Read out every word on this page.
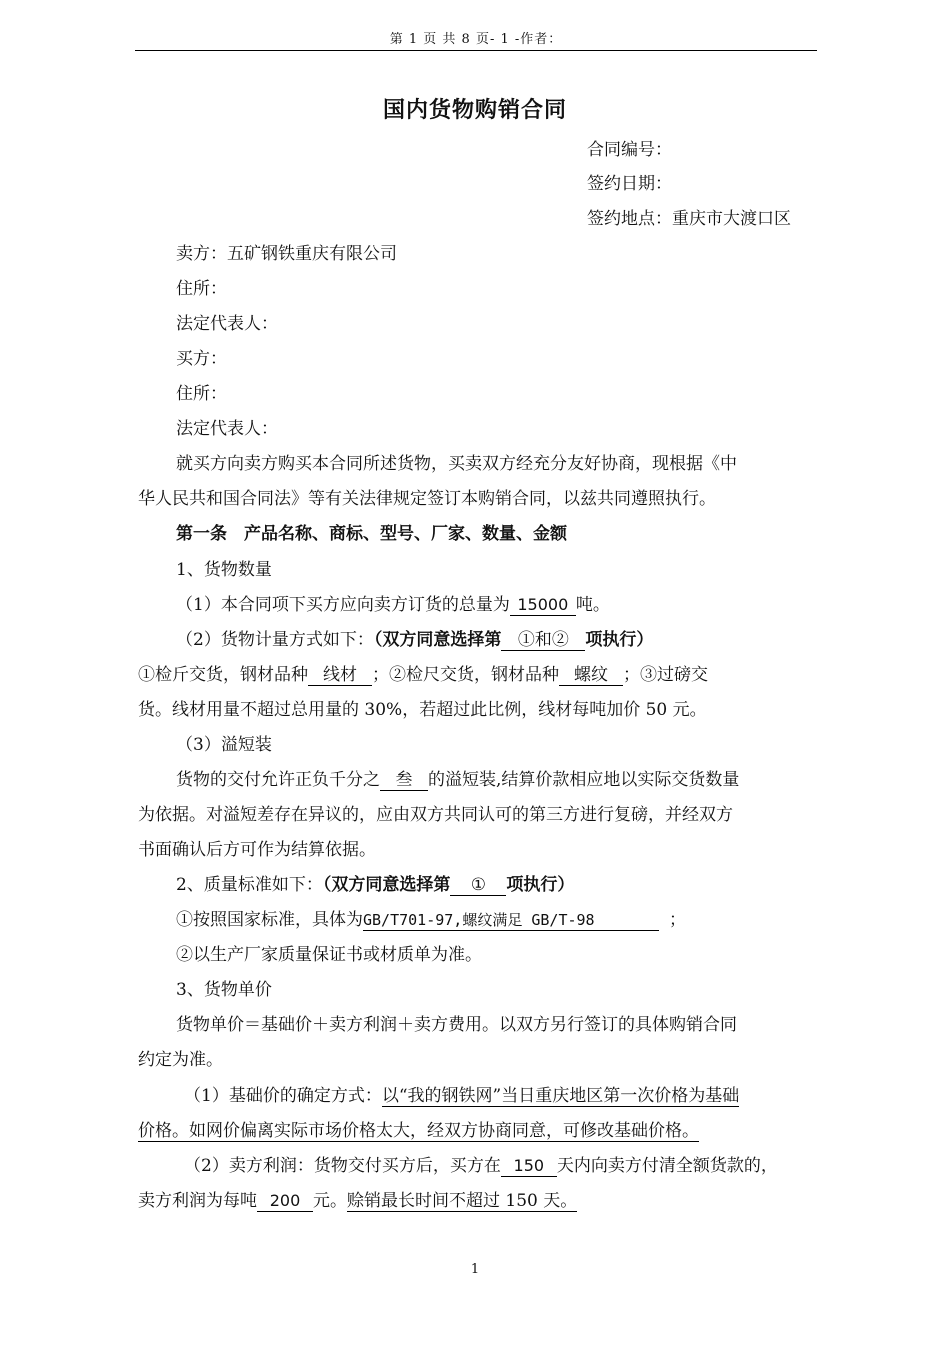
第 1 页 共 8 页- 1 -作者：
国内货物购销合同
合同编号：
签约日期：
签约地点：重庆市大渡口区
卖方：五矿钢铁重庆有限公司
住所：
法定代表人：
买方：
住所：
法定代表人：
就买方向卖方购买本合同所述货物，买卖双方经充分友好协商，现根据《中
华人民共和国合同法》等有关法律规定签订本购销合同，以兹共同遵照执行。
第一条　产品名称、商标、型号、厂家、数量、金额
1、货物数量
（1）本合同项下买方应向卖方订货的总量为 15000 吨。
（2）货物计量方式如下：（双方同意选择第 ①和② 项执行）
①检斤交货，钢材品种 线材 ；②检尺交货，钢材品种 螺纹 ；③过磅交
货。线材用量不超过总用量的 30%，若超过此比例，线材每吨加价 50 元。
（3）溢短装
货物的交付允许正负千分之 叁 的溢短装,结算价款相应地以实际交货数量
为依据。对溢短差存在异议的，应由双方共同认可的第三方进行复磅，并经双方
书面确认后方可作为结算依据。
2、质量标准如下：（双方同意选择第 ① 项执行）
①按照国家标准，具体为GB/T701-97,螺纹满足 GB/T-98	；
②以生产厂家质量保证书或材质单为准。
3、货物单价
货物单价＝基础价＋卖方利润＋卖方费用。以双方另行签订的具体购销合同
约定为准。
（1）基础价的确定方式：以“我的钢铁网”当日重庆地区第一次价格为基础
价格。如网价偏离实际市场价格太大，经双方协商同意，可修改基础价格。
（2）卖方利润：货物交付买方后，买方在 150 天内向卖方付清全额货款的，
卖方利润为每吨 200 元。赊销最长时间不超过 150 天。
1
